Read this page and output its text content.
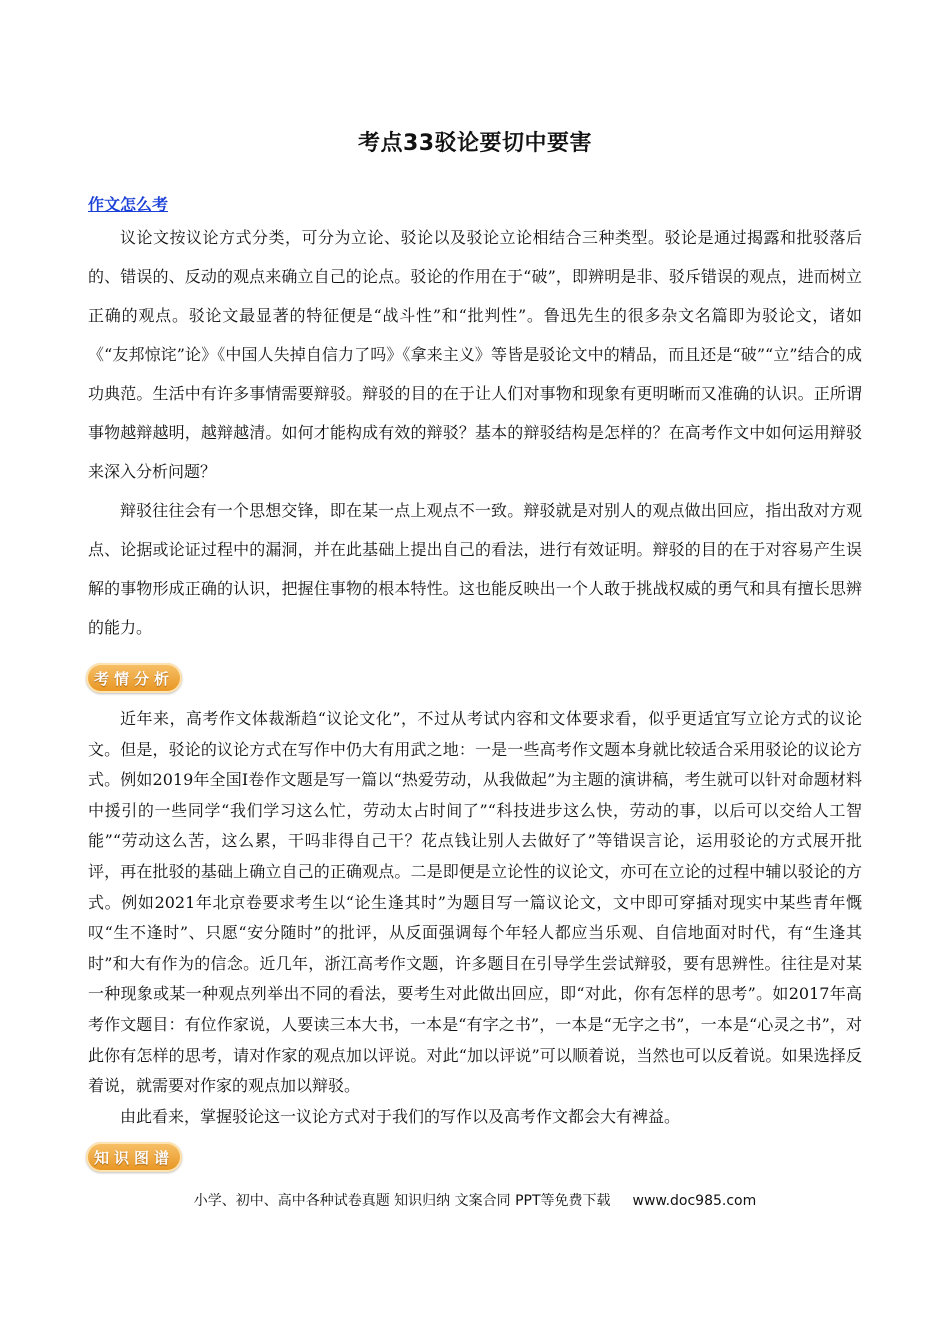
考点33驳论要切中要害
作文怎么考

议论文按议论方式分类，可分为立论、驳论以及驳论立论相结合三种类型。驳论是通过揭露和批驳落后的、错误的、反动的观点来确立自己的论点。驳论的作用在于“破”，即辨明是非、驳斥错误的观点，进而树立正确的观点。驳论文最显著的特征便是“战斗性”和“批判性”。鲁迅先生的很多杂文名篇即为驳论文，诸如《“友邦惊诧”论》《中国人失掉自信力了吗》《拿来主义》等皆是驳论文中的精品，而且还是“破”“立”结合的成功典范。生活中有许多事情需要辩驳。辩驳的目的在于让人们对事物和现象有更明晰而又准确的认识。正所谓事物越辩越明，越辩越清。如何才能构成有效的辩驳？基本的辩驳结构是怎样的？在高考作文中如何运用辩驳来深入分析问题？

辩驳往往会有一个思想交锋，即在某一点上观点不一致。辩驳就是对别人的观点做出回应，指出敌对方观点、论据或论证过程中的漏洞，并在此基础上提出自己的看法，进行有效证明。辩驳的目的在于对容易产生误解的事物形成正确的认识，把握住事物的根本特性。这也能反映出一个人敢于挑战权威的勇气和具有擅长思辨的能力。

考情分析

近年来，高考作文体裁渐趋“议论文化”，不过从考试内容和文体要求看，似乎更适宜写立论方式的议论文。但是，驳论的议论方式在写作中仍大有用武之地：一是一些高考作文题本身就比较适合采用驳论的议论方式。例如2019年全国Ⅰ卷作文题是写一篇以“热爱劳动，从我做起”为主题的演讲稿，考生就可以针对命题材料中援引的一些同学“我们学习这么忙，劳动太占时间了”“科技进步这么快，劳动的事，以后可以交给人工智能”“劳动这么苦，这么累，干吗非得自己干？花点钱让别人去做好了”等错误言论，运用驳论的方式展开批评，再在批驳的基础上确立自己的正确观点。二是即便是立论性的议论文，亦可在立论的过程中辅以驳论的方式。例如2021年北京卷要求考生以“论生逢其时”为题目写一篇议论文，文中即可穿插对现实中某些青年慨叹“生不逢时”、只愿“安分随时”的批评，从反面强调每个年轻人都应当乐观、自信地面对时代，有“生逢其时”和大有作为的信念。近几年，浙江高考作文题，许多题目在引导学生尝试辩驳，要有思辨性。往往是对某一种现象或某一种观点列举出不同的看法，要考生对此做出回应，即“对此，你有怎样的思考”。如2017年高考作文题目：有位作家说，人要读三本大书，一本是“有字之书”，一本是“无字之书”，一本是“心灵之书”，对此你有怎样的思考，请对作家的观点加以评说。对此“加以评说”可以顺着说，当然也可以反着说。如果选择反着说，就需要对作家的观点加以辩驳。

由此看来，掌握驳论这一议论方式对于我们的写作以及高考作文都会大有裨益。

知识图谱
小学、初中、高中各种试卷真题 知识归纳 文案合同 PPT等免费下载 www.doc985.com
